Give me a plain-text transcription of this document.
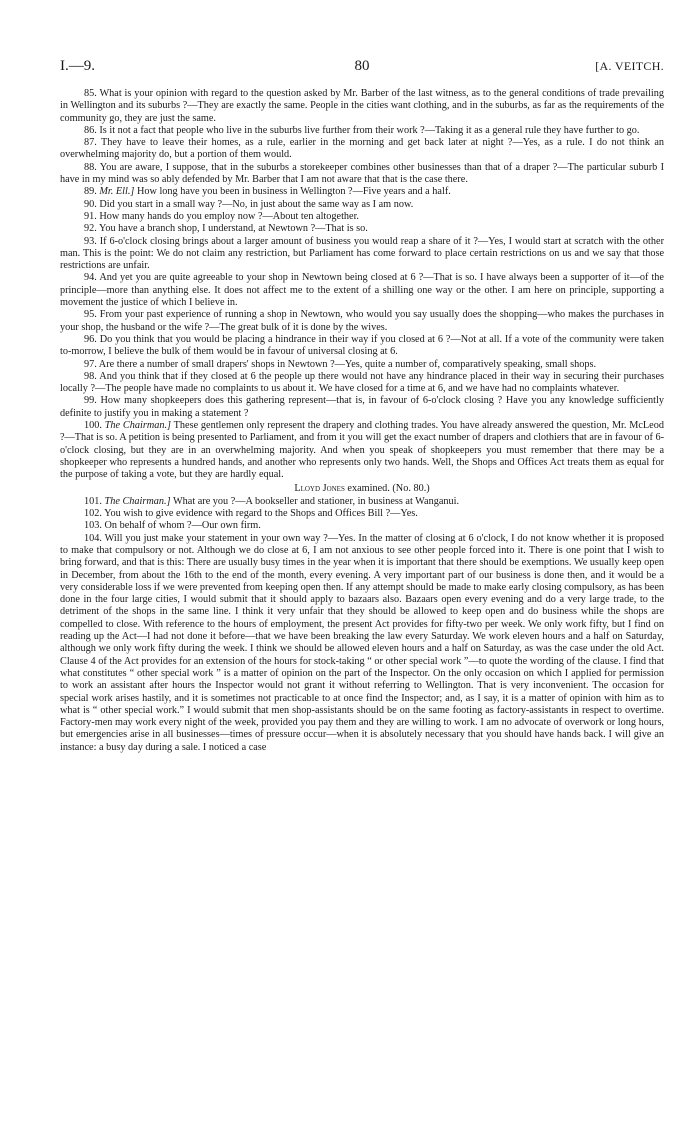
I.—9.	80	[A. VEITCH.

85. What is your opinion with regard to the question asked by Mr. Barber of the last witness, as to the general conditions of trade prevailing in Wellington and its suburbs ?—They are exactly the same. People in the cities want clothing, and in the suburbs, as far as the requirements of the community go, they are just the same.

86. Is it not a fact that people who live in the suburbs live further from their work ?—Taking it as a general rule they have further to go.

87. They have to leave their homes, as a rule, earlier in the morning and get back later at night ?—Yes, as a rule. I do not think an overwhelming majority do, but a portion of them would.

88. You are aware, I suppose, that in the suburbs a storekeeper combines other businesses than that of a draper ?—The particular suburb I have in my mind was so ably defended by Mr. Barber that I am not aware that that is the case there.

89. Mr. Ell.] How long have you been in business in Wellington ?—Five years and a half.

90. Did you start in a small way ?—No, in just about the same way as I am now.

91. How many hands do you employ now ?—About ten altogether.

92. You have a branch shop, I understand, at Newtown ?—That is so.

93. If 6-o'clock closing brings about a larger amount of business you would reap a share of it ?—Yes, I would start at scratch with the other man. This is the point: We do not claim any restriction, but Parliament has come forward to place certain restrictions on us and we say that those restrictions are unfair.

94. And yet you are quite agreeable to your shop in Newtown being closed at 6 ?—That is so. I have always been a supporter of it—of the principle—more than anything else. It does not affect me to the extent of a shilling one way or the other. I am here on principle, supporting a movement the justice of which I believe in.

95. From your past experience of running a shop in Newtown, who would you say usually does the shopping—who makes the purchases in your shop, the husband or the wife ?—The great bulk of it is done by the wives.

96. Do you think that you would be placing a hindrance in their way if you closed at 6 ?—Not at all. If a vote of the community were taken to-morrow, I believe the bulk of them would be in favour of universal closing at 6.

97. Are there a number of small drapers' shops in Newtown ?—Yes, quite a number of, comparatively speaking, small shops.

98. And you think that if they closed at 6 the people up there would not have any hindrance placed in their way in securing their purchases locally ?—The people have made no complaints to us about it. We have closed for a time at 6, and we have had no complaints whatever.

99. How many shopkeepers does this gathering represent—that is, in favour of 6-o'clock closing ? Have you any knowledge sufficiently definite to justify you in making a statement ?

100. The Chairman.] These gentlemen only represent the drapery and clothing trades. You have already answered the question, Mr. McLeod ?—That is so. A petition is being presented to Parliament, and from it you will get the exact number of drapers and clothiers that are in favour of 6-o'clock closing, but they are in an overwhelming majority. And when you speak of shopkeepers you must remember that there may be a shopkeeper who represents a hundred hands, and another who represents only two hands. Well, the Shops and Offices Act treats them as equal for the purpose of taking a vote, but they are hardly equal.

Lloyd Jones examined. (No. 80.)

101. The Chairman.] What are you ?—A bookseller and stationer, in business at Wanganui.

102. You wish to give evidence with regard to the Shops and Offices Bill ?—Yes.

103. On behalf of whom ?—Our own firm.

104. Will you just make your statement in your own way ?—Yes. In the matter of closing at 6 o'clock, I do not know whether it is proposed to make that compulsory or not. Although we do close at 6, I am not anxious to see other people forced into it. There is one point that I wish to bring forward, and that is this: There are usually busy times in the year when it is important that there should be exemptions. We usually keep open in December, from about the 16th to the end of the month, every evening. A very important part of our business is done then, and it would be a very considerable loss if we were prevented from keeping open then. If any attempt should be made to make early closing compulsory, as has been done in the four large cities, I would submit that it should apply to bazaars also. Bazaars open every evening and do a very large trade, to the detriment of the shops in the same line. I think it very unfair that they should be allowed to keep open and do business while the shops are compelled to close. With reference to the hours of employment, the present Act provides for fifty-two per week. We only work fifty, but I find on reading up the Act—I had not done it before—that we have been breaking the law every Saturday. We work eleven hours and a half on Saturday, although we only work fifty during the week. I think we should be allowed eleven hours and a half on Saturday, as was the case under the old Act. Clause 4 of the Act provides for an extension of the hours for stock-taking “ or other special work ”—to quote the wording of the clause. I find that what constitutes “ other special work ” is a matter of opinion on the part of the Inspector. On the only occasion on which I applied for permission to work an assistant after hours the Inspector would not grant it without referring to Wellington. That is very inconvenient. The occasion for special work arises hastily, and it is sometimes not practicable to at once find the Inspector; and, as I say, it is a matter of opinion with him as to what is “ other special work.” I would submit that men shop-assistants should be on the same footing as factory-assistants in respect to overtime. Factory-men may work every night of the week, provided you pay them and they are willing to work. I am no advocate of overwork or long hours, but emergencies arise in all businesses—times of pressure occur—when it is absolutely necessary that you should have hands back. I will give an instance: a busy day during a sale. I noticed a case
